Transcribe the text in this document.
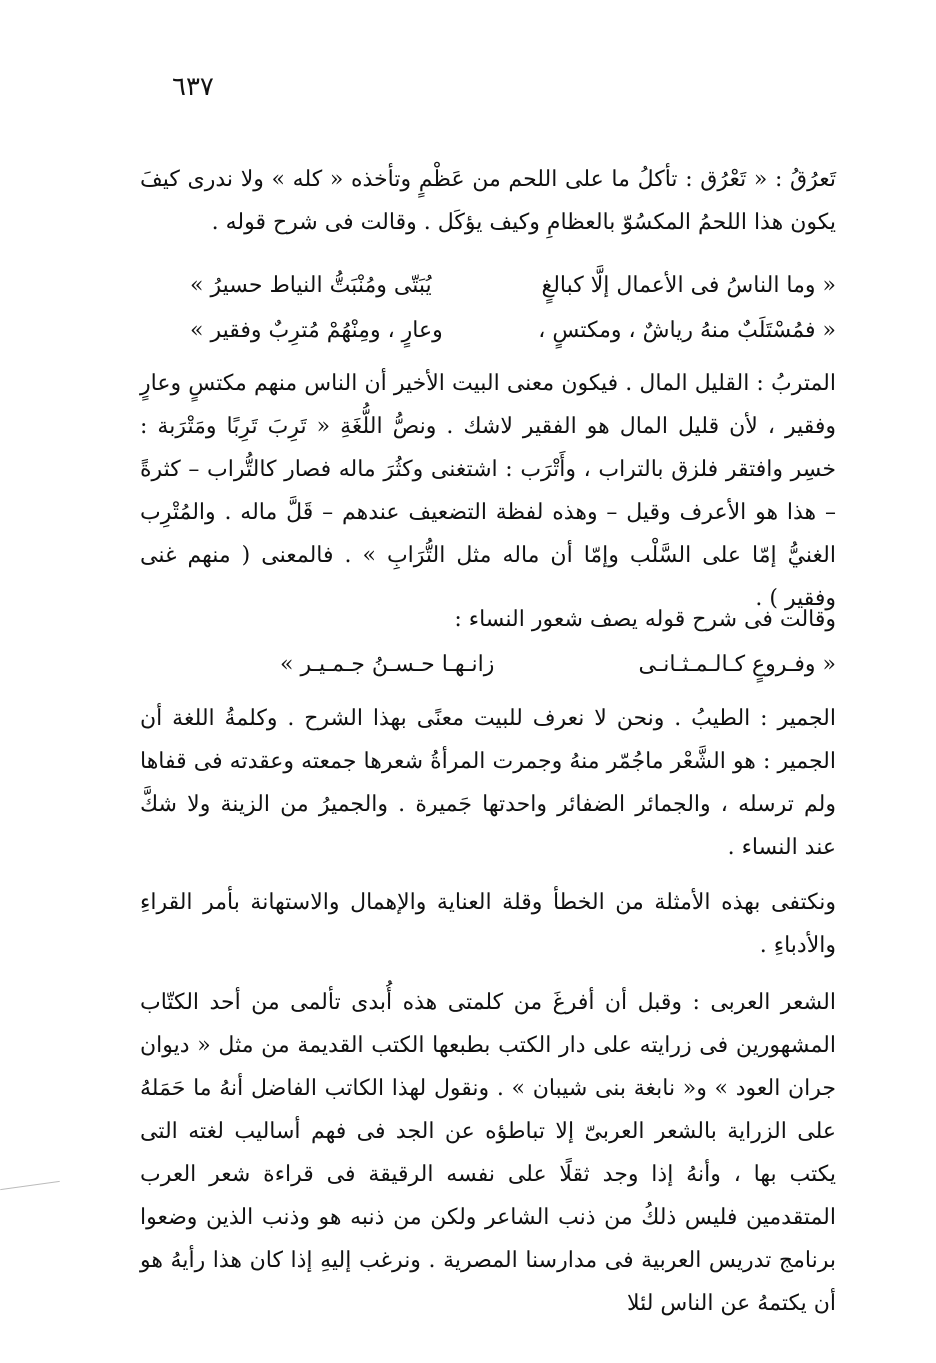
٦٣٧
تَعرُقُ : « تَعْرُق : تأكلُ ما على اللحم من عَظْمٍ وتأخذه « كله » ولا ندرى كيفَ يكون هذا اللحمُ المكسُوّ بالعظامِ وكيف يؤكَل . وقالت فى شرح قوله .
« وما الناسُ فى الأعمال إلَّا كبالغٍ
يُبَتّى ومُنْبَتُّ النياط حسيرُ »
« فمُسْتَلَبٌ منهُ رياشٌ ، ومكتسٍ ،
وعارٍ ، ومِنْهُمْ مُترِبٌ وفقير »
المتربُ : القليل المال . فيكون معنى البيت الأخير أن الناس منهم مكتسٍ وعارٍ وفقير ، لأن قليل المال هو الفقير لاشك . ونصُّ اللُّغَةِ « تَرِبَ تَرِبًا ومَتْرَبة : خسِر وافتقر فلزق بالتراب ، وأَتْرَب : اشتغنى وكثُرَ ماله فصار كالتُّراب – كثرةً – هذا هو الأعرف وقيل – وهذه لفظة التضعيف عندهم – قَلَّ ماله . والمُتْرِب الغنيُّ إمّا على السَّلْب وإمّا أن ماله مثل التُّرَابِ » . فالمعنى ( منهم غنى وفقير ) .
وقالت فى شرح قوله يصف شعور النساء :
« وفـروعٍ كـالـمـثـانـى
زانـهـا حـسـنُ جـمـيـر »
الجمير : الطيبُ . ونحن لا نعرف للبيت معنًى بهذا الشرح . وكلمةُ اللغة أن الجمير : هو الشَّعْر ماجُمّر منهُ وجمرت المرأةُ شعرها جمعته وعقدته فى قفاها ولم ترسله ، والجمائر الضفائر واحدتها جَميرة . والجميرُ من الزينة ولا شكَّ عند النساء .
ونكتفى بهذه الأمثلة من الخطأ وقلة العناية والإهمال والاستهانة بأمر القراءِ والأدباءِ .
الشعر العربى : وقبل أن أفرغَ من كلمتى هذه أُبدى تألمى من أحد الكتّاب المشهورين فى زرايته على دار الكتب بطبعها الكتب القديمة من مثل « ديوان جران العود » و« نابغة بنى شيبان » . ونقول لهذا الكاتب الفاضل أنهُ ما حَمَلهُ على الزراية بالشعر العربىّ إلا تباطؤه عن الجد فى فهم أساليب لغته التى يكتب بها ، وأنهُ إذا وجد ثقلًا على نفسه الرقيقة فى قراءة شعر العرب المتقدمين فليس ذلكُ من ذنب الشاعر ولكن من ذنبه هو وذنب الذين وضعوا برنامج تدريس العربية فى مدارسنا المصرية . ونرغب إليهِ إذا كان هذا رأيهُ هو أن يكتمهُ عن الناس لئلا
